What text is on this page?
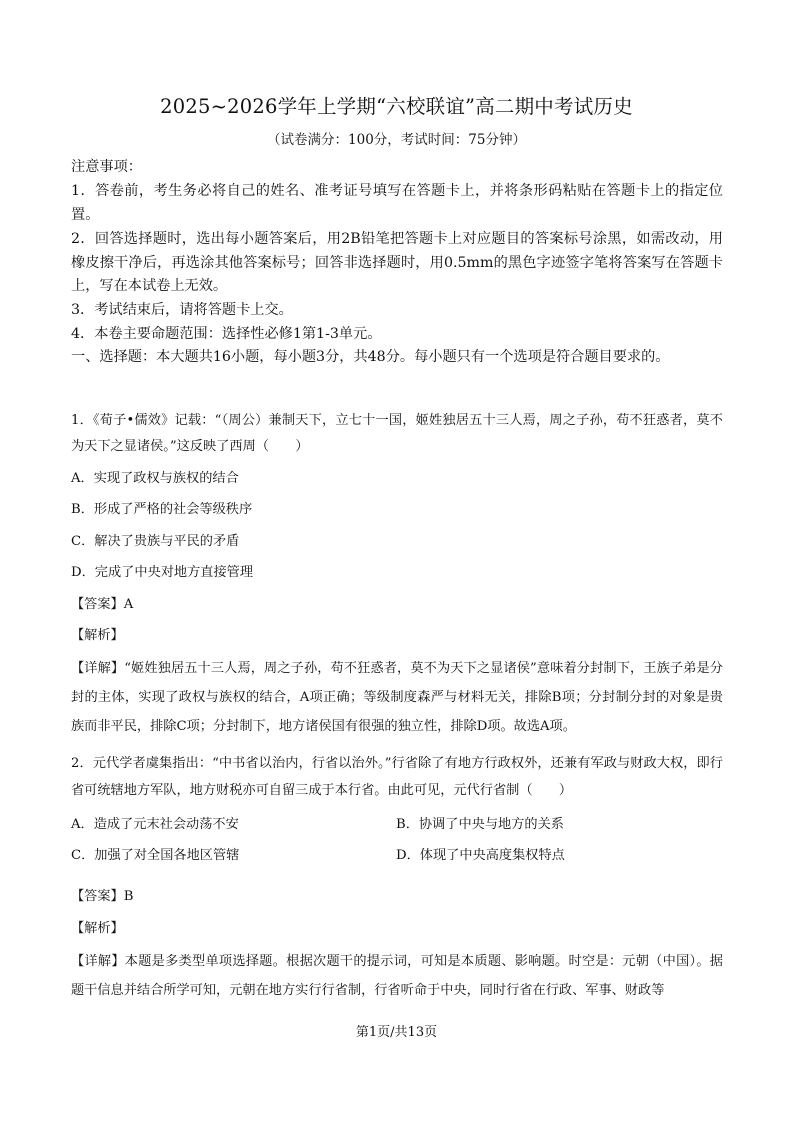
2025~2026学年上学期“六校联谊”高二期中考试历史
（试卷满分：100分，考试时间：75分钟）
注意事项：
1．答卷前，考生务必将自己的姓名、准考证号填写在答题卡上，并将条形码粘贴在答题卡上的指定位置。
2．回答选择题时，选出每小题答案后，用2B铅笔把答题卡上对应题目的答案标号涂黑，如需改动，用橡皮擦干净后，再选涂其他答案标号；回答非选择题时，用0.5mm的黑色字迹签字笔将答案写在答题卡上，写在本试卷上无效。
3．考试结束后，请将答题卡上交。
4．本卷主要命题范围：选择性必修1第1-3单元。
一、选择题：本大题共16小题，每小题3分，共48分。每小题只有一个选项是符合题目要求的。
1．《荀子•儒效》记载：“（周公）兼制天下，立七十一国，姬姓独居五十三人焉，周之子孙，苟不狂惑者，莫不为天下之显诸侯。”这反映了西周（　　）
A．实现了政权与族权的结合
B．形成了严格的社会等级秩序
C．解决了贵族与平民的矛盾
D．完成了中央对地方直接管理
【答案】A
【解析】
【详解】“姬姓独居五十三人焉，周之子孙，苟不狂惑者，莫不为天下之显诸侯”意味着分封制下，王族子弟是分封的主体，实现了政权与族权的结合，A项正确；等级制度森严与材料无关，排除B项；分封制分封的对象是贵族而非平民，排除C项；分封制下，地方诸侯国有很强的独立性，排除D项。故选A项。
2．元代学者虞集指出：“中书省以治内，行省以治外。”行省除了有地方行政权外，还兼有军政与财政大权，即行省可统辖地方军队，地方财税亦可自留三成于本行省。由此可见，元代行省制（　　）
A．造成了元末社会动荡不安	B．协调了中央与地方的关系
C．加强了对全国各地区管辖	D．体现了中央高度集权特点
【答案】B
【解析】
【详解】本题是多类型单项选择题。根据次题干的提示词，可知是本质题、影响题。时空是：元朝（中国）。据题干信息并结合所学可知，元朝在地方实行行省制，行省听命于中央，同时行省在行政、军事、财政等
第1页/共13页
